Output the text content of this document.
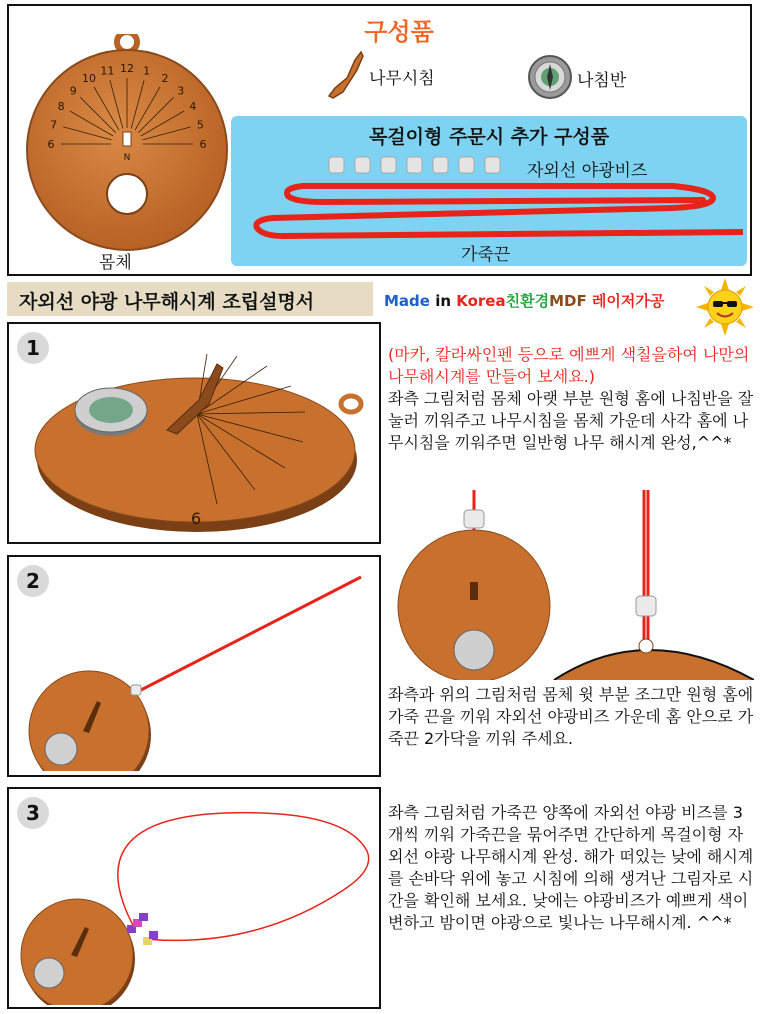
구성품
6
7
8
9
10
11 12 1
2
3
4
5
6
N
몸체
나무시침	나침반
목걸이형 주문시 추가 구성품
자외선 야광비즈
가죽끈
자외선 야광 나무해시계 조립설명서	Made in Korea친환경MDF 레이저가공
1
6
(마카, 칼라싸인펜 등으로 예쁘게 색칠을하여 나만의 나무해시계를 만들어 보세요.)
좌측 그림처럼 몸체 아랫 부분 원형 홈에 나침반을 잘 눌러 끼워주고 나무시침을 몸체 가운데 사각 홈에 나무시침을 끼워주면 일반형 나무 해시계 완성,^^*
2
좌측과 위의 그림처럼 몸체 윗 부분 조그만 원형 홈에 가죽 끈을 끼워 자외선 야광비즈 가운데 홈 안으로 가죽끈 2가닥을 끼워 주세요.
3	좌측 그림처럼 가죽끈 양쪽에 자외선 야광 비즈를 3개씩 끼워 가죽끈을 묶어주면 간단하게 목걸이형 자외선 야광 나무해시계 완성. 해가 떠있는 낮에 해시계를 손바닥 위에 놓고 시침에 의해 생겨난 그림자로 시간을 확인해 보세요. 낮에는 야광비즈가 예쁘게 색이 변하고 밤이면 야광으로 빛나는 나무해시계. ^^*
